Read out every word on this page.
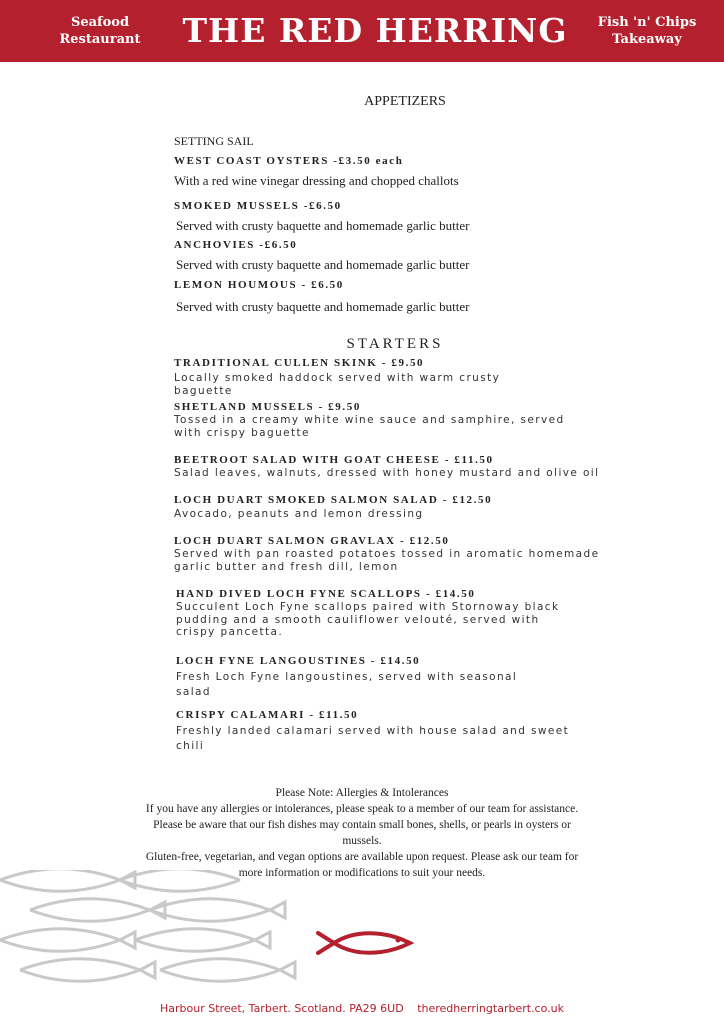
Seafood
Restaurant	THE RED HERRING	Fish 'n' Chips
Takeaway
APPETIZERS
SETTING SAIL
WEST COAST OYSTERS -£3.50 each
With a red wine vinegar dressing and chopped challots
SMOKED MUSSELS -£6.50
Served with crusty baquette and homemade garlic butter
ANCHOVIES -£6.50
Served with crusty baquette and homemade garlic butter
LEMON HOUMOUS - £6.50
Served with crusty baquette and homemade garlic butter
STARTERS
TRADITIONAL CULLEN SKINK - £9.50
Locally smoked haddock served with warm crusty
baguette
SHETLAND MUSSELS - £9.50
Tossed in a creamy white wine sauce and samphire, served
with crispy baguette
BEETROOT SALAD WITH GOAT CHEESE - £11.50
Salad leaves, walnuts, dressed with honey mustard and olive oil
LOCH DUART SMOKED SALMON SALAD - £12.50
Avocado, peanuts and lemon dressing
LOCH DUART SALMON GRAVLAX - £12.50
Served with pan roasted potatoes tossed in aromatic homemade
garlic butter and fresh dill, lemon
HAND DIVED LOCH FYNE SCALLOPS - £14.50
Succulent Loch Fyne scallops paired with Stornoway black
pudding and a smooth cauliflower velouté, served with
crispy pancetta.
LOCH FYNE LANGOUSTINES - £14.50
Fresh Loch Fyne langoustines, served with seasonal
salad
CRISPY CALAMARI - £11.50
Freshly landed calamari served with house salad and sweet
chili
Please Note: Allergies & Intolerances
If you have any allergies or intolerances, please speak to a member of our team for assistance.
Please be aware that our fish dishes may contain small bones, shells, or pearls in oysters or
mussels.
Gluten-free, vegetarian, and vegan options are available upon request. Please ask our team for
more information or modifications to suit your needs.
Harbour Street, Tarbert. Scotland. PA29 6UD theredherringtarbert.co.uk
